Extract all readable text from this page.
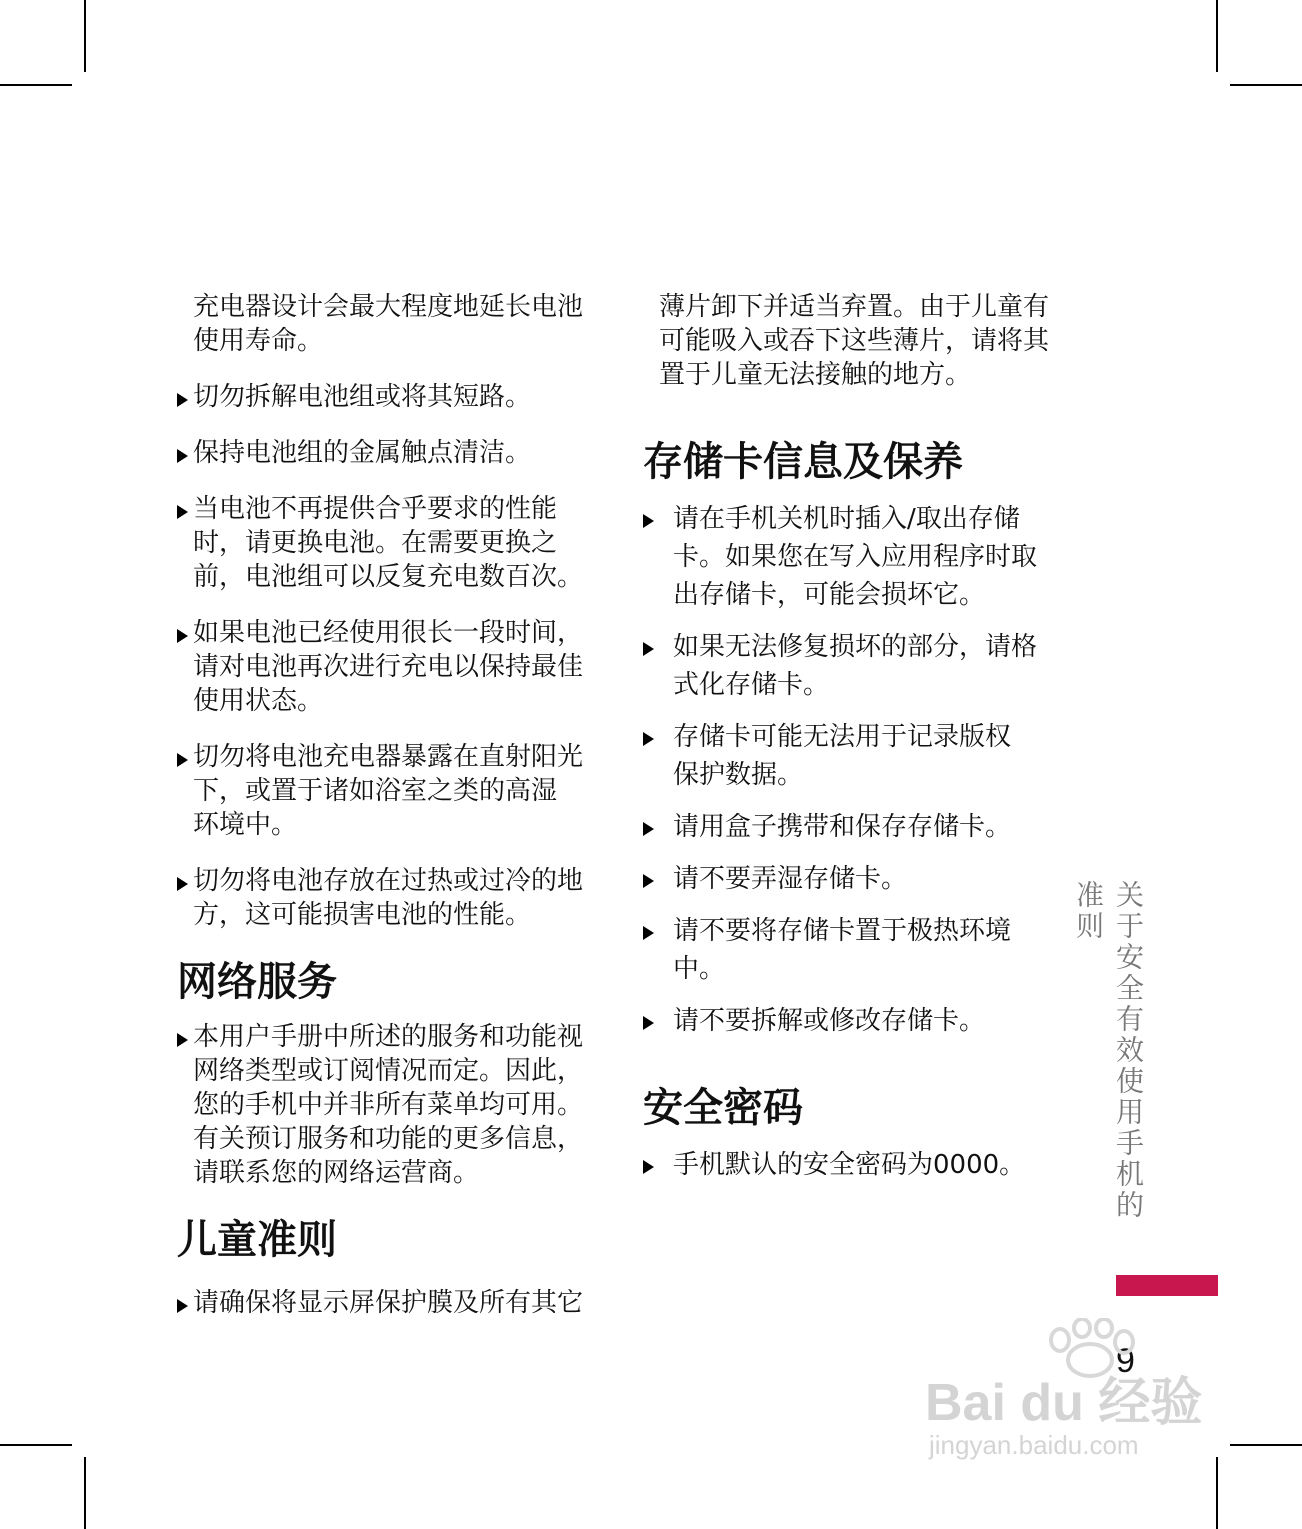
充电器设计会最大程度地延长电池

使用寿命。

切勿拆解电池组或将其短路。
保持电池组的金属触点清洁。
当电池不再提供合乎要求的性能
时，请更换电池。在需要更换之
前，电池组可以反复充电数百次。
如果电池已经使用很长一段时间，
请对电池再次进行充电以保持最佳
使用状态。
切勿将电池充电器暴露在直射阳光
下，或置于诸如浴室之类的高湿
环境中。
切勿将电池存放在过热或过冷的地
方，这可能损害电池的性能。
网络服务
本用户手册中所述的服务和功能视
网络类型或订阅情况而定。因此，
您的手机中并非所有菜单均可用。
有关预订服务和功能的更多信息，
请联系您的网络运营商。
儿童准则
请确保将显示屏保护膜及所有其它

薄片卸下并适当弃置。由于儿童有

可能吸入或吞下这些薄片，请将其

置于儿童无法接触的地方。

存储卡信息及保养
请在手机关机时插入/取出存储
卡。如果您在写入应用程序时取
出存储卡，可能会损坏它。
如果无法修复损坏的部分，请格
式化存储卡。
存储卡可能无法用于记录版权
保护数据。
请用盒子携带和保存存储卡。
请不要弄湿存储卡。
请不要将存储卡置于极热环境
中。
请不要拆解或修改存储卡。
安全密码
手机默认的安全密码为0000。	关于安全有效使用手机的准则
9
Bai du 经验
jingyan.baidu.com
